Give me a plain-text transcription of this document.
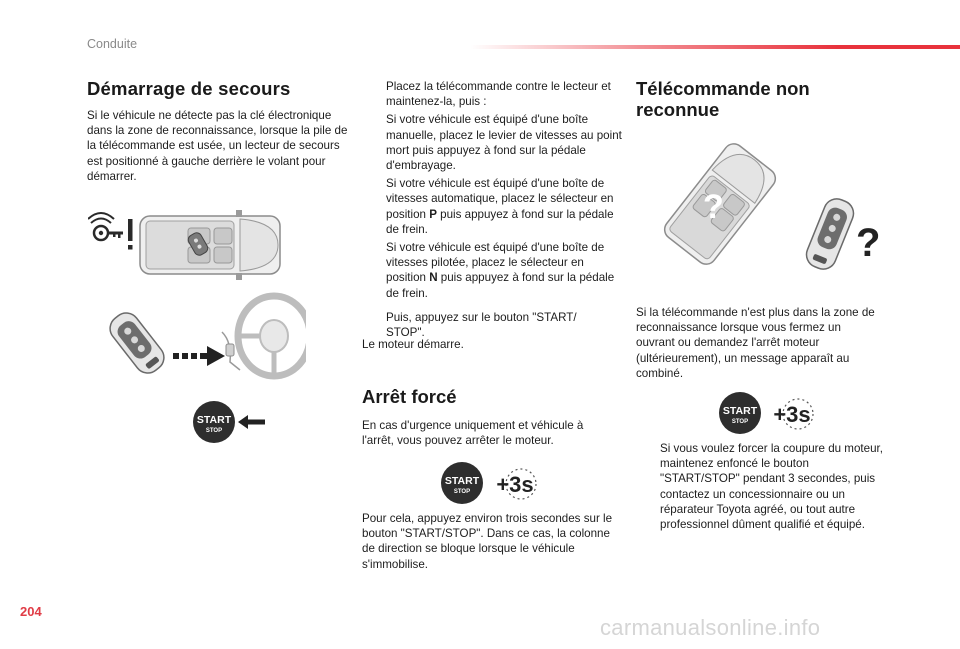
Conduite
Démarrage de secours
Si le véhicule ne détecte pas la clé électronique dans la zone de reconnaissance, lorsque la pile de la télécommande est usée, un lecteur de secours est positionné à gauche derrière le volant pour démarrer.
START
STOP
Placez la télécommande contre le lecteur et maintenez-la, puis :
Si votre véhicule est équipé d'une boîte manuelle, placez le levier de vitesses au point mort puis appuyez à fond sur la pédale d'embrayage.
Si votre véhicule est équipé d'une boîte de vitesses automatique, placez le sélecteur en position P puis appuyez à fond sur la pédale de frein.
Si votre véhicule est équipé d'une boîte de vitesses pilotée, placez le sélecteur en position N puis appuyez à fond sur la pédale de frein.
Puis, appuyez sur le bouton "START/ STOP".
Le moteur démarre.
Arrêt forcé
En cas d'urgence uniquement et véhicule à l'arrêt, vous pouvez arrêter le moteur.
START
STOP +3s
Pour cela, appuyez environ trois secondes sur le bouton "START/STOP". Dans ce cas, la colonne de direction se bloque lorsque le véhicule s'immobilise.
Télécommande non reconnue
?
?
Si la télécommande n'est plus dans la zone de reconnaissance lorsque vous fermez un ouvrant ou demandez l'arrêt moteur (ultérieurement), un message apparaît au combiné.
START
STOP +3s
Si vous voulez forcer la coupure du moteur, maintenez enfoncé le bouton "START/STOP" pendant 3 secondes, puis contactez un concessionnaire ou un réparateur Toyota agréé, ou tout autre professionnel dûment qualifié et équipé.
204
carmanualsonline.info
